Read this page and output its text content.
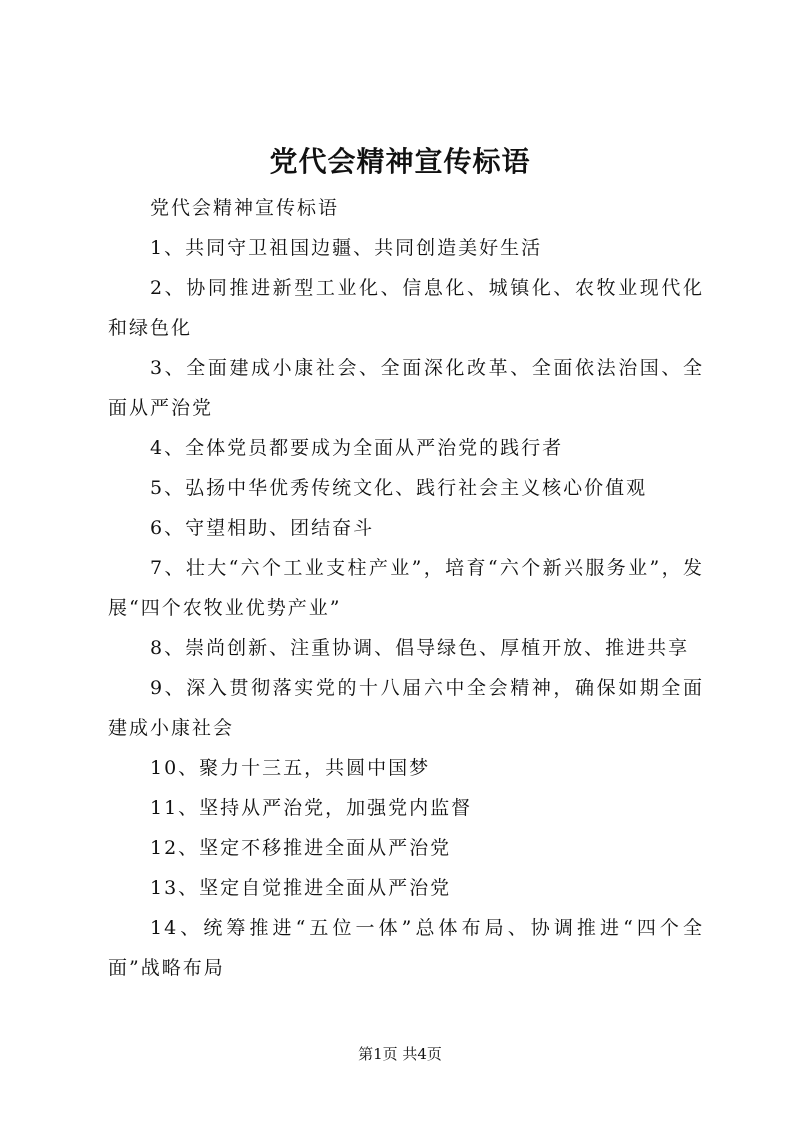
党代会精神宣传标语

党代会精神宣传标语

1、共同守卫祖国边疆、共同创造美好生活

2、协同推进新型工业化、信息化、城镇化、农牧业现代化和绿色化

3、全面建成小康社会、全面深化改革、全面依法治国、全面从严治党

4、全体党员都要成为全面从严治党的践行者

5、弘扬中华优秀传统文化、践行社会主义核心价值观

6、守望相助、团结奋斗

7、壮大“六个工业支柱产业”，培育“六个新兴服务业”，发展“四个农牧业优势产业”

8、崇尚创新、注重协调、倡导绿色、厚植开放、推进共享

9、深入贯彻落实党的十八届六中全会精神，确保如期全面建成小康社会

10、聚力十三五，共圆中国梦

11、坚持从严治党，加强党内监督

12、坚定不移推进全面从严治党

13、坚定自觉推进全面从严治党

14、统筹推进“五位一体”总体布局、协调推进“四个全面”战略布局

第1页 共4页
